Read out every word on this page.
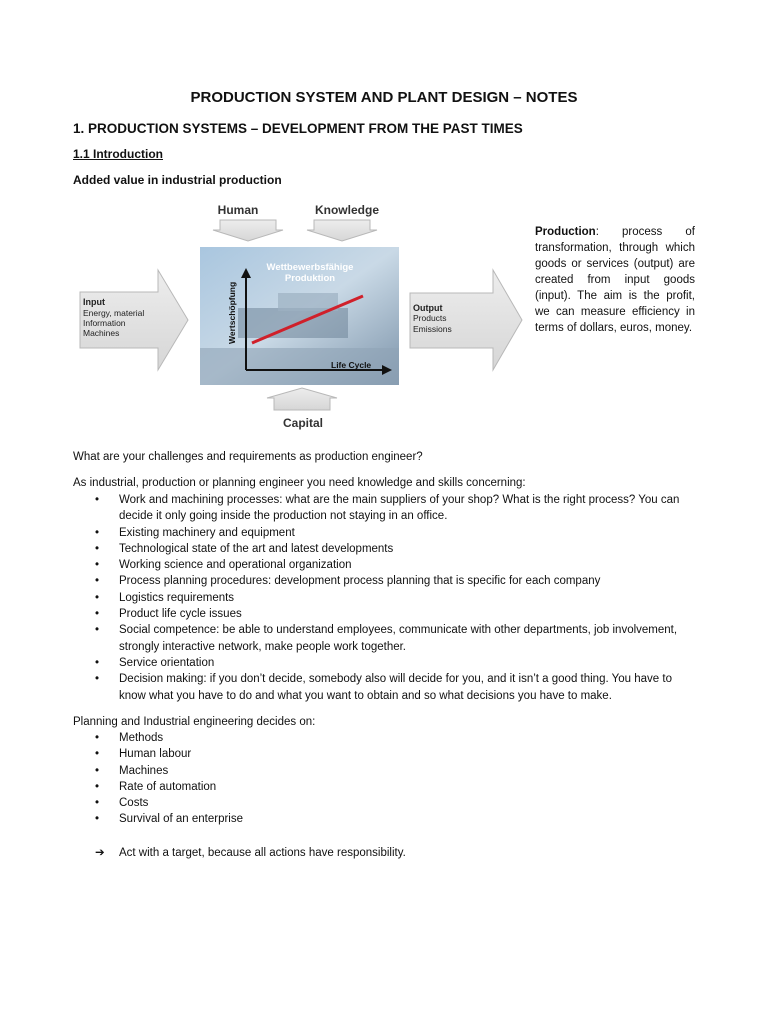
PRODUCTION SYSTEM AND PLANT DESIGN – NOTES
1. PRODUCTION SYSTEMS – DEVELOPMENT FROM THE PAST TIMES
1.1 Introduction
Added value in industrial production
Human	Knowledge
Input
Energy, material
Information
Machines
Wettbewerbsfähige
Produktion
Wertschöpfung
Life Cycle
Output
Products
Emissions
Capital
Production: process of transformation, through which goods or services (output) are created from input goods (input). The aim is the profit, we can measure efficiency in terms of dollars, euros, money.
What are your challenges and requirements as production engineer?
As industrial, production or planning engineer you need knowledge and skills concerning:
• Work and machining processes: what are the main suppliers of your shop? What is the right process? You can decide it only going inside the production not staying in an office.
• Existing machinery and equipment
• Technological state of the art and latest developments
• Working science and operational organization
• Process planning procedures: development process planning that is specific for each company
• Logistics requirements
• Product life cycle issues
• Social competence: be able to understand employees, communicate with other departments, job involvement, strongly interactive network, make people work together.
• Service orientation
• Decision making: if you don’t decide, somebody also will decide for you, and it isn’t a good thing. You have to know what you have to do and what you want to obtain and so what decisions you have to make.
Planning and Industrial engineering decides on:
• Methods
• Human labour
• Machines
• Rate of automation
• Costs
• Survival of an enterprise
➔ Act with a target, because all actions have responsibility.
